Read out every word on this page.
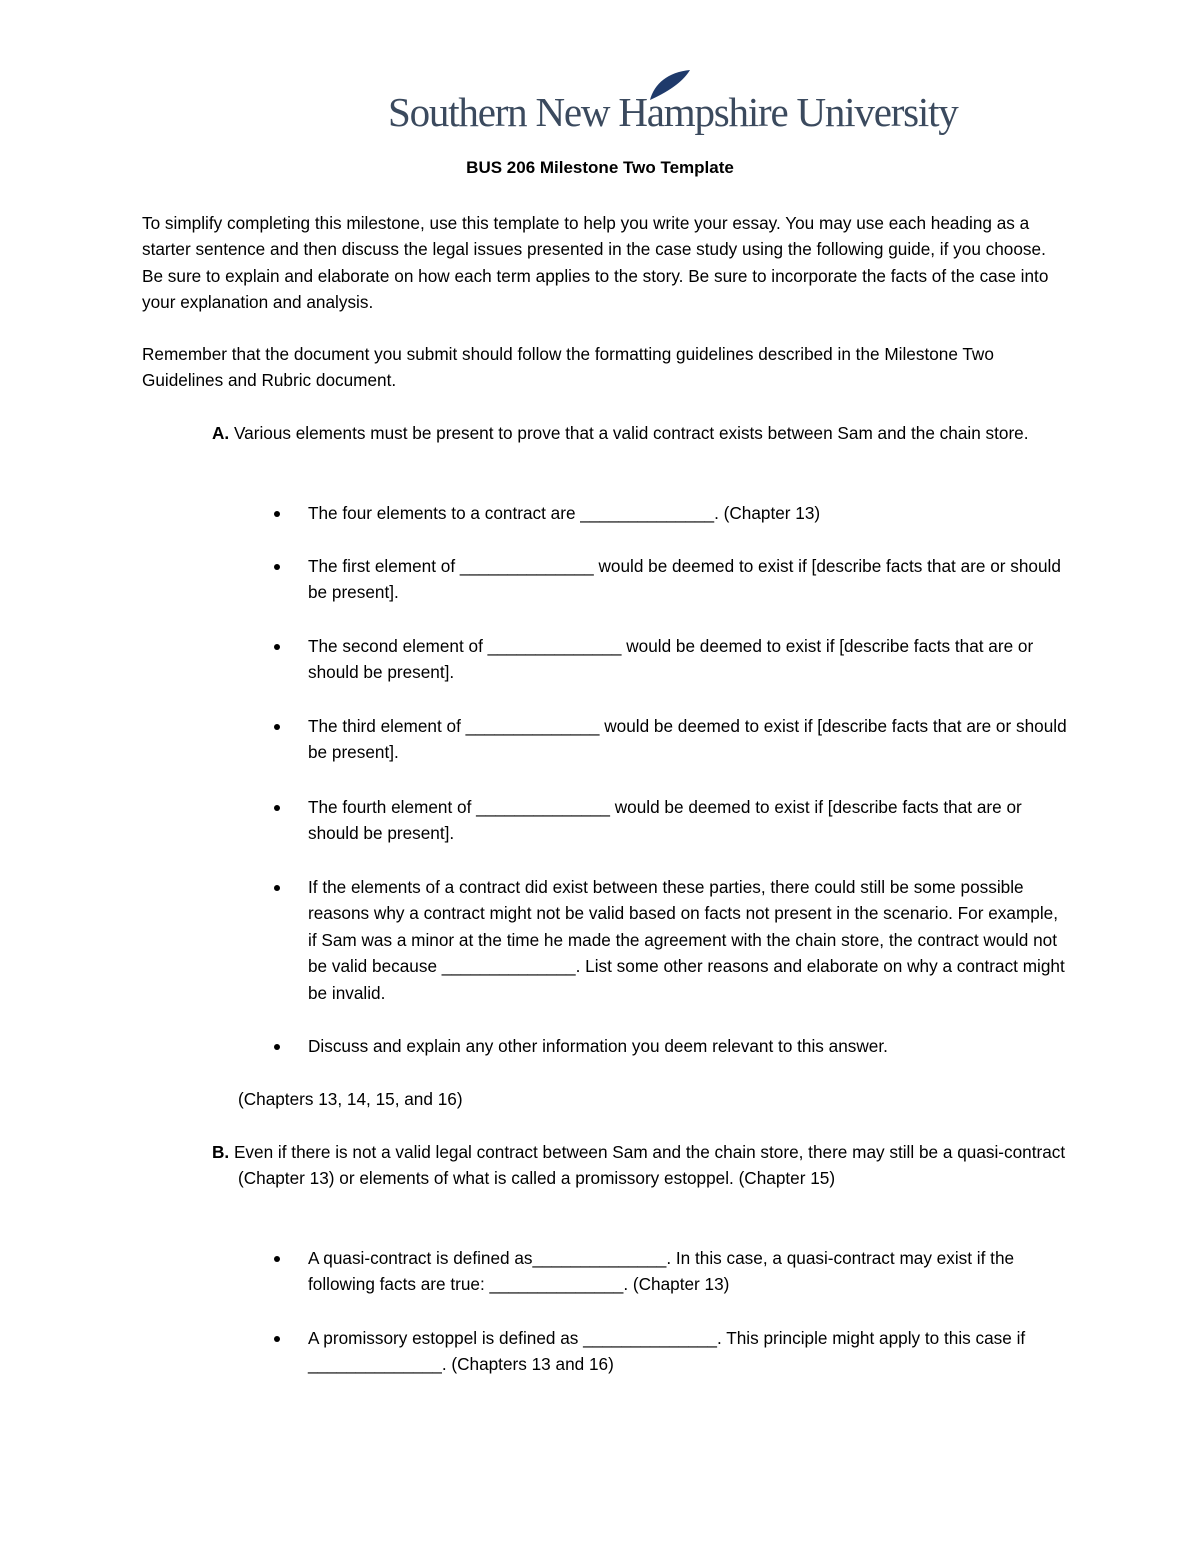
Southern New Hampshire University
BUS 206 Milestone Two Template

To simplify completing this milestone, use this template to help you write your essay. You may use each heading as a starter sentence and then discuss the legal issues presented in the case study using the following guide, if you choose. Be sure to explain and elaborate on how each term applies to the story. Be sure to incorporate the facts of the case into your explanation and analysis.

Remember that the document you submit should follow the formatting guidelines described in the Milestone Two Guidelines and Rubric document.

A. Various elements must be present to prove that a valid contract exists between Sam and the chain store.

The four elements to a contract are ______________. (Chapter 13)

The first element of ______________ would be deemed to exist if [describe facts that are or should be present].

The second element of ______________ would be deemed to exist if [describe facts that are or should be present].

The third element of ______________ would be deemed to exist if [describe facts that are or should be present].

The fourth element of ______________ would be deemed to exist if [describe facts that are or should be present].

If the elements of a contract did exist between these parties, there could still be some possible reasons why a contract might not be valid based on facts not present in the scenario. For example, if Sam was a minor at the time he made the agreement with the chain store, the contract would not be valid because ______________. List some other reasons and elaborate on why a contract might be invalid.

Discuss and explain any other information you deem relevant to this answer.

(Chapters 13, 14, 15, and 16)

B. Even if there is not a valid legal contract between Sam and the chain store, there may still be a quasi-contract (Chapter 13) or elements of what is called a promissory estoppel. (Chapter 15)

A quasi-contract is defined as______________. In this case, a quasi-contract may exist if the following facts are true: ______________. (Chapter 13)

A promissory estoppel is defined as ______________. This principle might apply to this case if ______________. (Chapters 13 and 16)
